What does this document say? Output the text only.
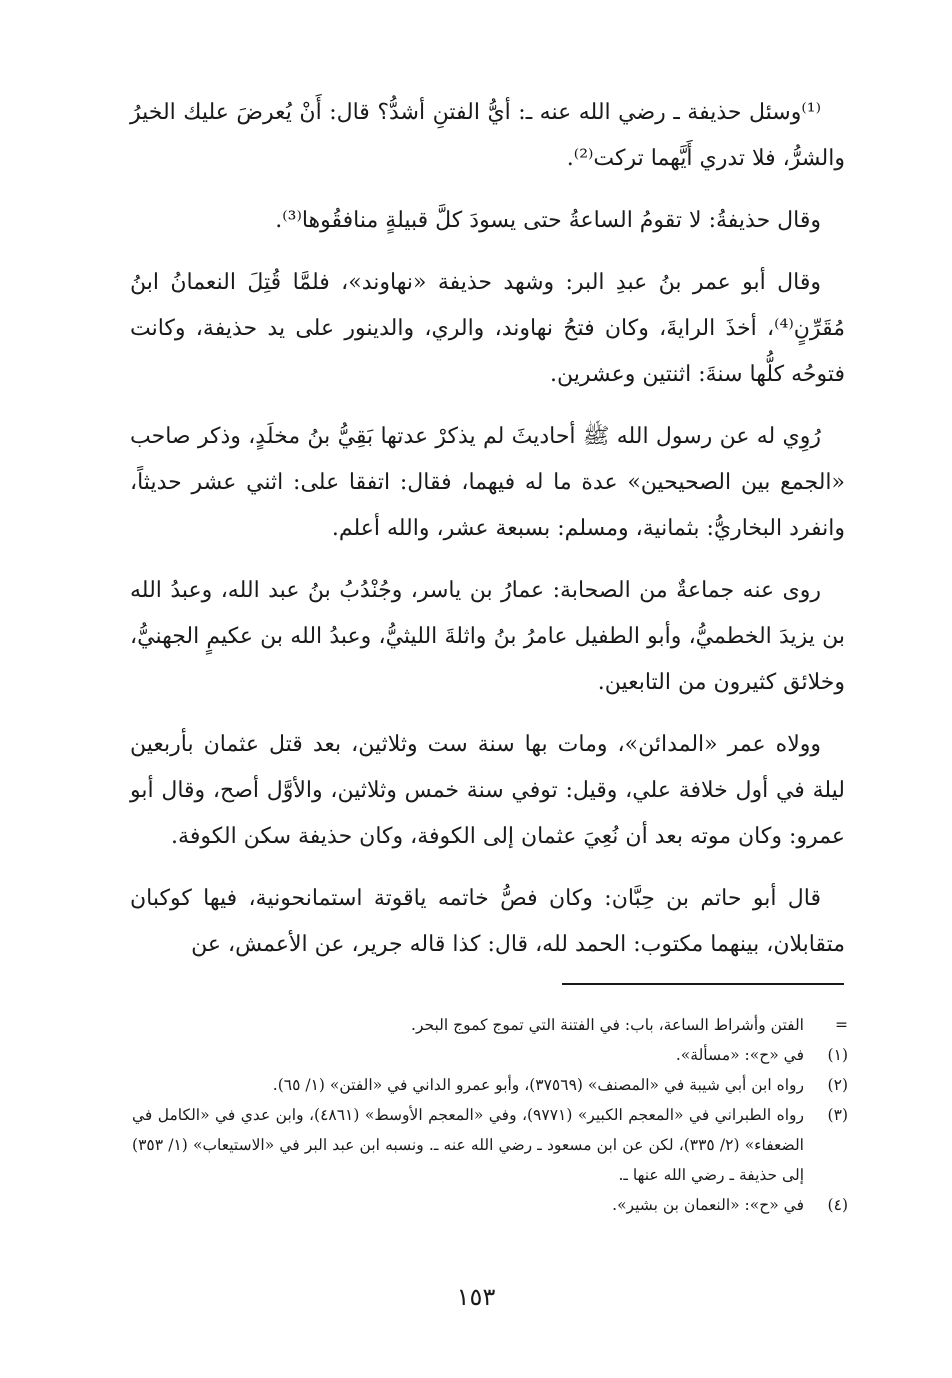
⁽¹⁾وسئل حذيفة ـ رضي الله عنه ـ: أيُّ الفتنِ أشدُّ؟ قال: أَنْ يُعرضَ عليك الخيرُ والشرُّ، فلا تدري أَيَّهما تركت⁽²⁾.

وقال حذيفةُ: لا تقومُ الساعةُ حتى يسودَ كلَّ قبيلةٍ منافقُوها⁽³⁾.

وقال أبو عمر بنُ عبدِ البر: وشهد حذيفة «نهاوند»، فلمَّا قُتِلَ النعمانُ ابنُ مُقَرِّنٍ⁽⁴⁾، أخذَ الرايةَ، وكان فتحُ نهاوند، والري، والدينور على يد حذيفة، وكانت فتوحُه كلُّها سنةَ: اثنتين وعشرين.

رُوِي له عن رسول الله ﷺ أحاديثَ لم يذكرْ عدتها بَقِيُّ بنُ مخلَدٍ، وذكر صاحب «الجمع بين الصحيحين» عدة ما له فيهما، فقال: اتفقا على: اثني عشر حديثاً، وانفرد البخاريُّ: بثمانية، ومسلم: بسبعة عشر، والله أعلم.

روى عنه جماعةٌ من الصحابة: عمارُ بن ياسر، وجُنْدُبُ بنُ عبد الله، وعبدُ الله بن يزيدَ الخطميُّ، وأبو الطفيل عامرُ بنُ واثلةَ الليثيُّ، وعبدُ الله بن عكيمٍ الجهنيُّ، وخلائق كثيرون من التابعين.

وولاه عمر «المدائن»، ومات بها سنة ست وثلاثين، بعد قتل عثمان بأربعين ليلة في أول خلافة علي، وقيل: توفي سنة خمس وثلاثين، والأوَّل أصح، وقال أبو عمرو: وكان موته بعد أن نُعِيَ عثمان إلى الكوفة، وكان حذيفة سكن الكوفة.

قال أبو حاتم بن حِبَّان: وكان فصُّ خاتمه ياقوتة استمانحونية، فيها كوكبان متقابلان، بينهما مكتوب: الحمد لله، قال: كذا قاله جرير، عن الأعمش، عن

=
الفتن وأشراط الساعة، باب: في الفتنة التي تموج كموج البحر.
(١)
في «ح»: «مسألة».
(٢)
رواه ابن أبي شيبة في «المصنف» (٣٧٥٦٩)، وأبو عمرو الداني في «الفتن» (١/ ٦٥).
(٣)
رواه الطبراني في «المعجم الكبير» (٩٧٧١)، وفي «المعجم الأوسط» (٤٨٦١)، وابن عدي في «الكامل في الضعفاء» (٢/ ٣٣٥)، لكن عن ابن مسعود ـ رضي الله عنه ـ. ونسبه ابن عبد البر في «الاستيعاب» (١/ ٣٥٣) إلى حذيفة ـ رضي الله عنها ـ.
(٤)
في «ح»: «النعمان بن بشير».
١٥٣
